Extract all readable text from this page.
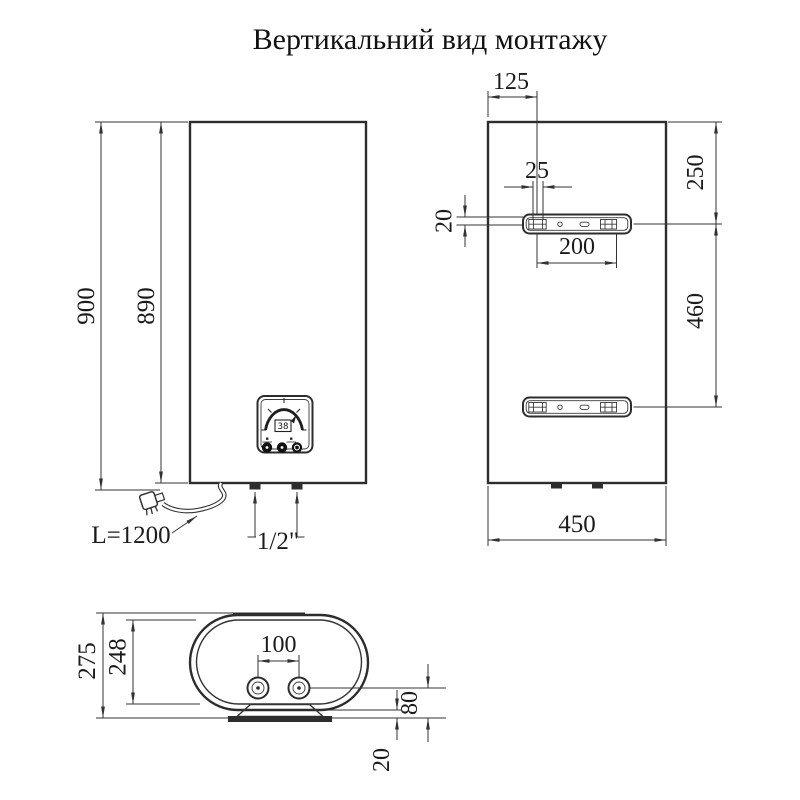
Вертикальний вид монтажу
38
900 890
1/2"
L=1200
125
25
20
250
460
200
450
275 248	100
80
20
